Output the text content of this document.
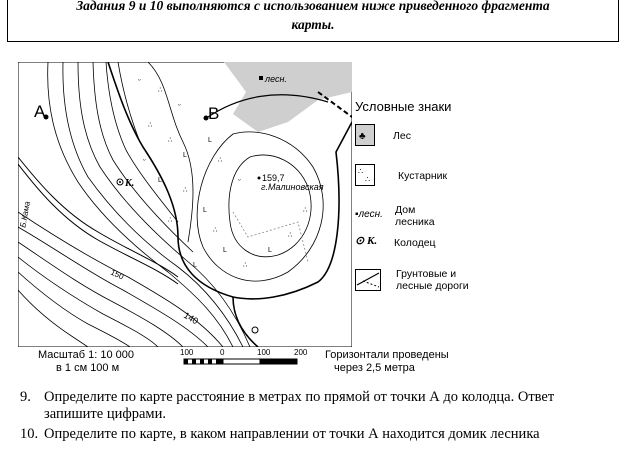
Задания 9 и 10 выполняются с использованием ниже приведенного фрагмента
карты.
ᵕ
∴
ᵕ
∴
∴
L
ᵕ
L
∴
L
∴
L
∴
L
∴
ᵕ
∴
L
∴
L
∴
A	B
159,7
г.Малиновская
К.
лесн.
140
150
Б.Кама
Условные знаки
♣	Лес
∴
∴	Кустарник
▪лесн. Дом лесника
⊙ К. Колодец
Грунтовые и лесные дороги
Масштаб 1: 10 000
в 1 см 100 м
100	0	100	200 Горизонтали проведены
через 2,5 метра
9. Определите по карте расстояние в метрах по прямой от точки А до колодца. Ответ
запишите цифрами.
10. Определите по карте, в каком направлении от точки А находится домик лесника
